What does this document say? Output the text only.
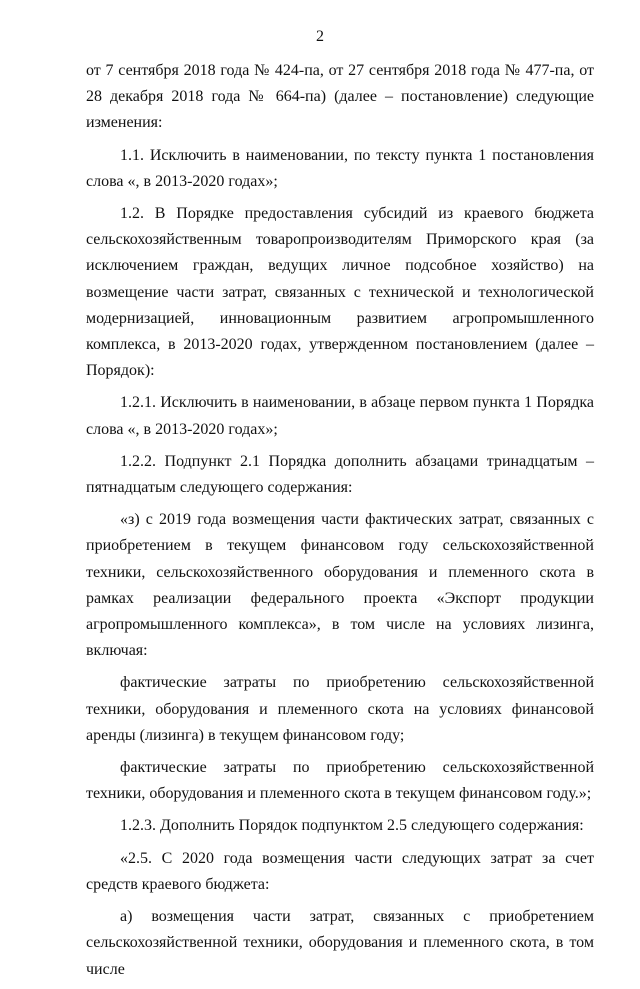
2

от 7 сентября 2018 года № 424-па, от 27 сентября 2018 года № 477-па, от 28 декабря 2018 года № 664-па) (далее – постановление) следующие изменения:

1.1. Исключить в наименовании, по тексту пункта 1 постановления слова «, в 2013-2020 годах»;

1.2. В Порядке предоставления субсидий из краевого бюджета сельскохозяйственным товаропроизводителям Приморского края (за исключением граждан, ведущих личное подсобное хозяйство) на возмещение части затрат, связанных с технической и технологической модернизацией, инновационным развитием агропромышленного комплекса, в 2013-2020 годах, утвержденном постановлением (далее – Порядок):

1.2.1. Исключить в наименовании, в абзаце первом пункта 1 Порядка слова «, в 2013-2020 годах»;

1.2.2. Подпункт 2.1 Порядка дополнить абзацами тринадцатым – пятнадцатым следующего содержания:

«з) с 2019 года возмещения части фактических затрат, связанных с приобретением в текущем финансовом году сельскохозяйственной техники, сельскохозяйственного оборудования и племенного скота в рамках реализации федерального проекта «Экспорт продукции агропромышленного комплекса», в том числе на условиях лизинга, включая:

фактические затраты по приобретению сельскохозяйственной техники, оборудования и племенного скота на условиях финансовой аренды (лизинга) в текущем финансовом году;

фактические затраты по приобретению сельскохозяйственной техники, оборудования и племенного скота в текущем финансовом году.»;

1.2.3. Дополнить Порядок подпунктом 2.5 следующего содержания:

«2.5. С 2020 года возмещения части следующих затрат за счет средств краевого бюджета:

а) возмещения части затрат, связанных с приобретением сельскохозяйственной техники, оборудования и племенного скота, в том числе
